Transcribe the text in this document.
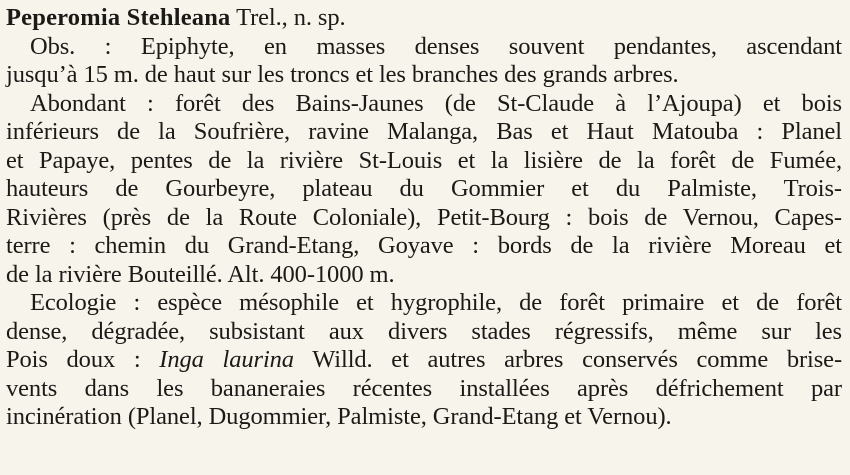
Peperomia Stehleana Trel., n. sp.
Obs. : Epiphyte, en masses denses souvent pendantes, ascendant
jusqu’à 15 m. de haut sur les troncs et les branches des grands arbres.
Abondant : forêt des Bains-Jaunes (de St-Claude à l’Ajoupa) et bois
inférieurs de la Soufrière, ravine Malanga, Bas et Haut Matouba : Planel
et Papaye, pentes de la rivière St-Louis et la lisière de la forêt de Fumée,
hauteurs de Gourbeyre, plateau du Gommier et du Palmiste, Trois-
Rivières (près de la Route Coloniale), Petit-Bourg : bois de Vernou, Capes-
terre : chemin du Grand-Etang, Goyave : bords de la rivière Moreau et
de la rivière Bouteillé. Alt. 400-1000 m.
Ecologie : espèce mésophile et hygrophile, de forêt primaire et de forêt
dense, dégradée, subsistant aux divers stades régressifs, même sur les
Pois doux : Inga laurina Willd. et autres arbres conservés comme brise-
vents dans les bananeraies récentes installées après défrichement par
incinération (Planel, Dugommier, Palmiste, Grand-Etang et Vernou).
